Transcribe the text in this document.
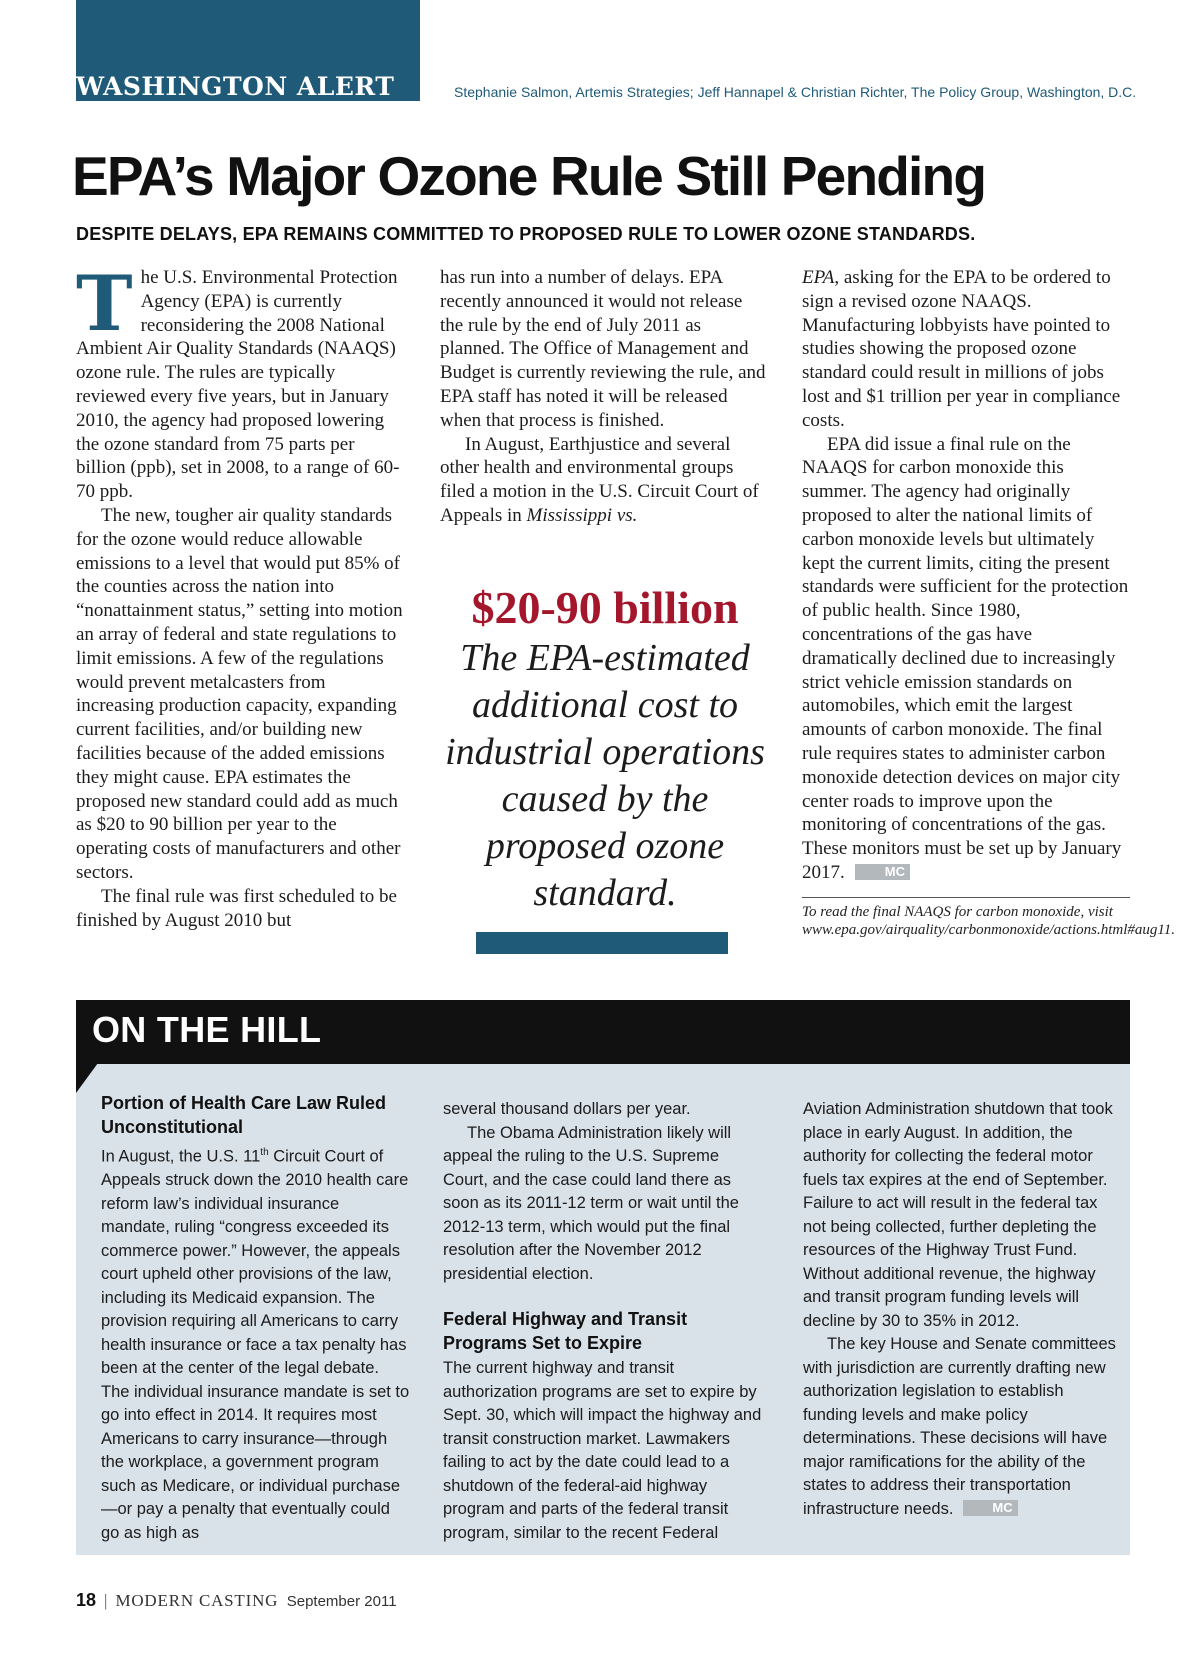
WASHINGTON ALERT	Stephanie Salmon, Artemis Strategies; Jeff Hannapel & Christian Richter, The Policy Group, Washington, D.C.
EPA’s Major Ozone Rule Still Pending
DESPITE DELAYS, EPA REMAINS COMMITTED TO PROPOSED RULE TO LOWER OZONE STANDARDS.

The U.S. Environmental Protection Agency (EPA) is currently reconsidering the 2008 National Ambient Air Quality Standards (NAAQS) ozone rule. The rules are typically reviewed every five years, but in January 2010, the agency had proposed lowering the ozone standard from 75 parts per billion (ppb), set in 2008, to a range of 60-70 ppb.

The new, tougher air quality standards for the ozone would reduce allowable emissions to a level that would put 85% of the counties across the nation into “nonattainment status,” setting into motion an array of federal and state regulations to limit emissions. A few of the regulations would prevent metalcasters from increasing production capacity, expanding current facilities, and/or building new facilities because of the added emissions they might cause. EPA estimates the proposed new standard could add as much as $20 to 90 billion per year to the operating costs of manufacturers and other sectors.

The final rule was first scheduled to be finished by August 2010 but

has run into a number of delays. EPA recently announced it would not release the rule by the end of July 2011 as planned. The Office of Management and Budget is currently reviewing the rule, and EPA staff has noted it will be released when that process is finished.

In August, Earthjustice and several other health and environmental groups filed a motion in the U.S. Circuit Court of Appeals in Mississippi vs.

$20-90 billion
The EPA-estimated additional cost to industrial operations caused by the proposed ozone standard.

EPA, asking for the EPA to be ordered to sign a revised ozone NAAQS. Manufacturing lobbyists have pointed to studies showing the proposed ozone standard could result in millions of jobs lost and $1 trillion per year in compliance costs.

EPA did issue a final rule on the NAAQS for carbon monoxide this summer. The agency had originally proposed to alter the national limits of carbon monoxide levels but ultimately kept the current limits, citing the present standards were sufficient for the protection of public health. Since 1980, concentrations of the gas have dramatically declined due to increasingly strict vehicle emission standards on automobiles, which emit the largest amounts of carbon monoxide. The final rule requires states to administer carbon monoxide detection devices on major city center roads to improve upon the monitoring of concentrations of the gas. These monitors must be set up by January 2017.	MC

To read the final NAAQS for carbon monoxide, visit www.epa.gov/airquality/carbonmonoxide/actions.html#aug11.
ON THE HILL
Portion of Health Care Law Ruled Unconstitutional

In August, the U.S. 11th Circuit Court of Appeals struck down the 2010 health care reform law’s individual insurance mandate, ruling “congress exceeded its commerce power.” However, the appeals court upheld other provisions of the law, including its Medicaid expansion. The provision requiring all Americans to carry health insurance or face a tax penalty has been at the center of the legal debate. The individual insurance mandate is set to go into effect in 2014. It requires most Americans to carry insurance—through the workplace, a government program such as Medicare, or individual purchase—or pay a penalty that eventually could go as high as

several thousand dollars per year.

The Obama Administration likely will appeal the ruling to the U.S. Supreme Court, and the case could land there as soon as its 2011-12 term or wait until the 2012-13 term, which would put the final resolution after the November 2012 presidential election.

Federal Highway and Transit Programs Set to Expire

The current highway and transit authorization programs are set to expire by Sept. 30, which will impact the highway and transit construction market. Lawmakers failing to act by the date could lead to a shutdown of the federal-aid highway program and parts of the federal transit program, similar to the recent Federal

Aviation Administration shutdown that took place in early August. In addition, the authority for collecting the federal motor fuels tax expires at the end of September. Failure to act will result in the federal tax not being collected, further depleting the resources of the Highway Trust Fund. Without additional revenue, the highway and transit program funding levels will decline by 30 to 35% in 2012.

The key House and Senate committees with jurisdiction are currently drafting new authorization legislation to establish funding levels and make policy determinations. These decisions will have major ramifications for the ability of the states to address their transportation infrastructure needs.	MC

18 | MODERN CASTING September 2011
